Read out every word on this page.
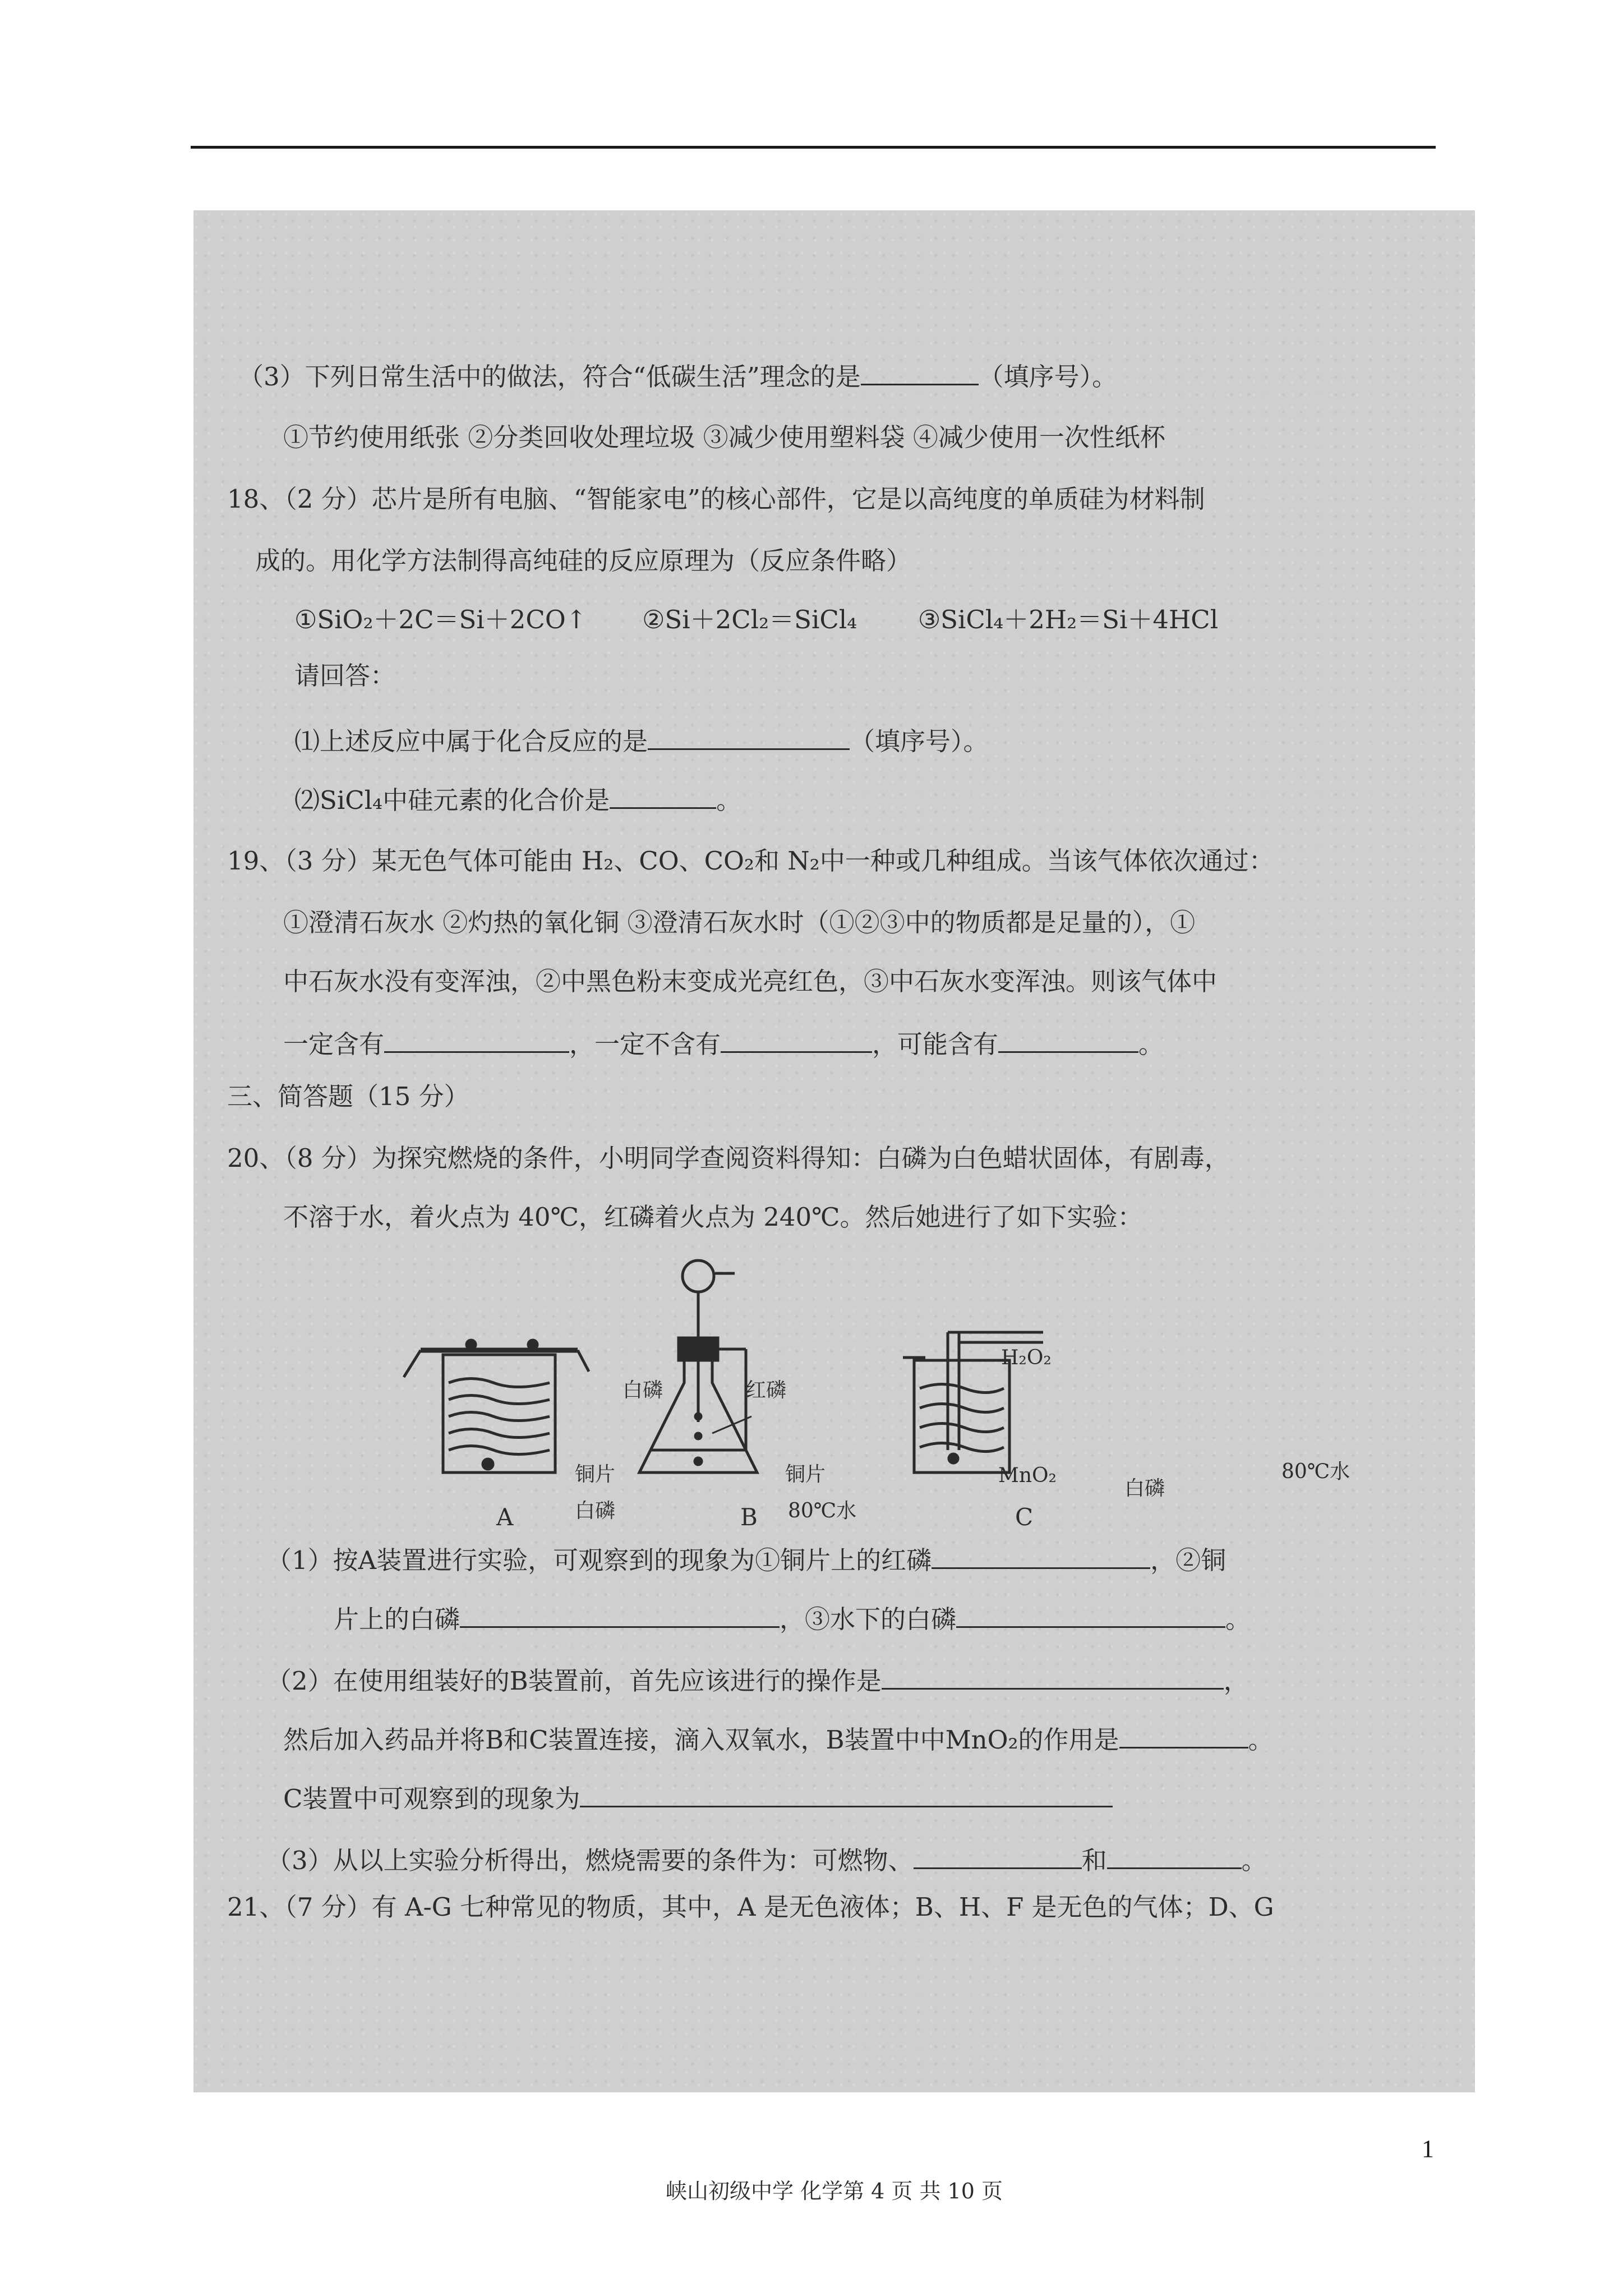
（3）下列日常生活中的做法，符合“低碳生活”理念的是	（填序号）。
①节约使用纸张 ②分类回收处理垃圾 ③减少使用塑料袋 ④减少使用一次性纸杯
18、（2 分）芯片是所有电脑、“智能家电”的核心部件，它是以高纯度的单质硅为材料制
成的。用化学方法制得高纯硅的反应原理为（反应条件略）
①SiO₂＋2C＝Si＋2CO↑ ②Si＋2Cl₂＝SiCl₄ ③SiCl₄＋2H₂＝Si＋4HCl
请回答：
⑴上述反应中属于化合反应的是	（填序号）。
⑵SiCl₄中硅元素的化合价是	。
19、（3 分）某无色气体可能由 H₂、CO、CO₂和 N₂中一种或几种组成。当该气体依次通过：
①澄清石灰水 ②灼热的氧化铜 ③澄清石灰水时（①②③中的物质都是足量的），①
中石灰水没有变浑浊，②中黑色粉末变成光亮红色，③中石灰水变浑浊。则该气体中
一定含有	，一定不含有	，可能含有	。
三、简答题（15 分）
20、（8 分）为探究燃烧的条件，小明同学查阅资料得知：白磷为白色蜡状固体，有剧毒，
不溶于水，着火点为 40℃，红磷着火点为 240℃。然后她进行了如下实验：
白磷	红磷
铜片	铜片
白磷	80℃水
H₂O₂
MnO₂
白磷
80℃水
A	B	C
（1）按A装置进行实验，可观察到的现象为①铜片上的红磷	，②铜
片上的白磷	，③水下的白磷	。
（2）在使用组装好的B装置前，首先应该进行的操作是	，
然后加入药品并将B和C装置连接，滴入双氧水，B装置中中MnO₂的作用是	。
C装置中可观察到的现象为
（3）从以上实验分析得出，燃烧需要的条件为：可燃物、	和	。
21、（7 分）有 A-G 七种常见的物质，其中，A 是无色液体；B、H、F 是无色的气体；D、G
峡山初级中学 化学第 4 页 共 10 页
1
